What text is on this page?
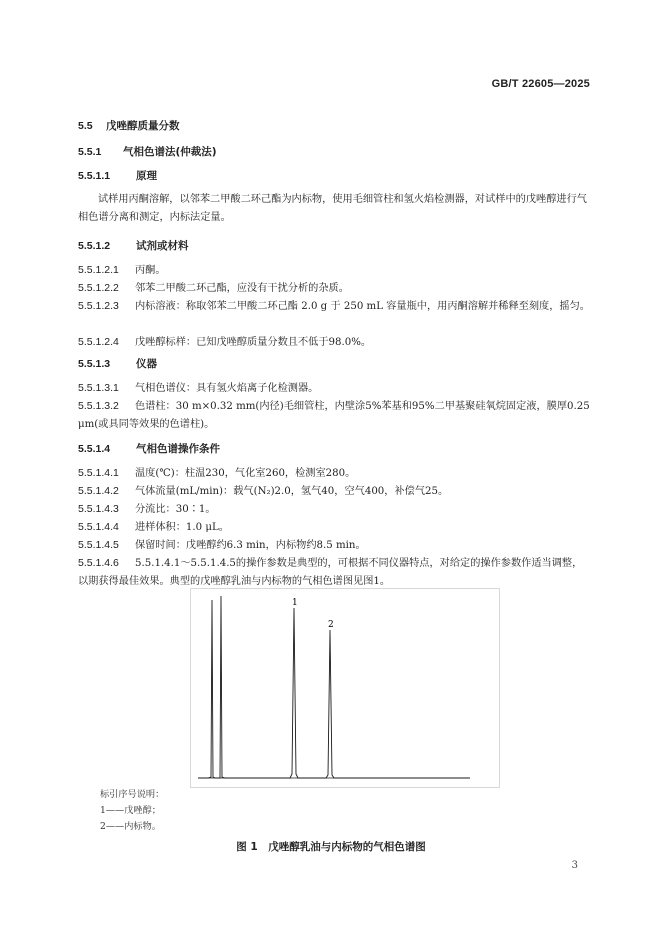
GB/T 22605—2025
5.5 戊唑醇质量分数
5.5.1 气相色谱法(仲裁法)
5.5.1.1 原理
试样用丙酮溶解，以邻苯二甲酸二环己酯为内标物，使用毛细管柱和氢火焰检测器，对试样中的戊唑醇进行气相色谱分离和测定，内标法定量。
5.5.1.2 试剂或材料
5.5.1.2.1 丙酮。
5.5.1.2.2 邻苯二甲酸二环己酯，应没有干扰分析的杂质。
5.5.1.2.3 内标溶液：称取邻苯二甲酸二环己酯 2.0 g 于 250 mL 容量瓶中，用丙酮溶解并稀释至刻度，摇匀。
5.5.1.2.4 戊唑醇标样：已知戊唑醇质量分数且不低于98.0%。
5.5.1.3 仪器
5.5.1.3.1 气相色谱仪：具有氢火焰离子化检测器。
5.5.1.3.2 色谱柱：30 m×0.32 mm(内径)毛细管柱，内壁涂5%苯基和95%二甲基聚硅氧烷固定液，膜厚0.25 μm(或具同等效果的色谱柱)。
5.5.1.4 气相色谱操作条件
5.5.1.4.1 温度(℃)：柱温230，气化室260，检测室280。
5.5.1.4.2 气体流量(mL/min)：载气(N₂)2.0，氢气40，空气400，补偿气25。
5.5.1.4.3 分流比：30∶1。
5.5.1.4.4 进样体积：1.0 μL。
5.5.1.4.5 保留时间：戊唑醇约6.3 min，内标物约8.5 min。
5.5.1.4.6 5.5.1.4.1～5.5.1.4.5的操作参数是典型的，可根据不同仪器特点，对给定的操作参数作适当调整，以期获得最佳效果。典型的戊唑醇乳油与内标物的气相色谱图见图1。
1
2
标引序号说明：
1——戊唑醇；
2——内标物。
图 1　戊唑醇乳油与内标物的气相色谱图
3
